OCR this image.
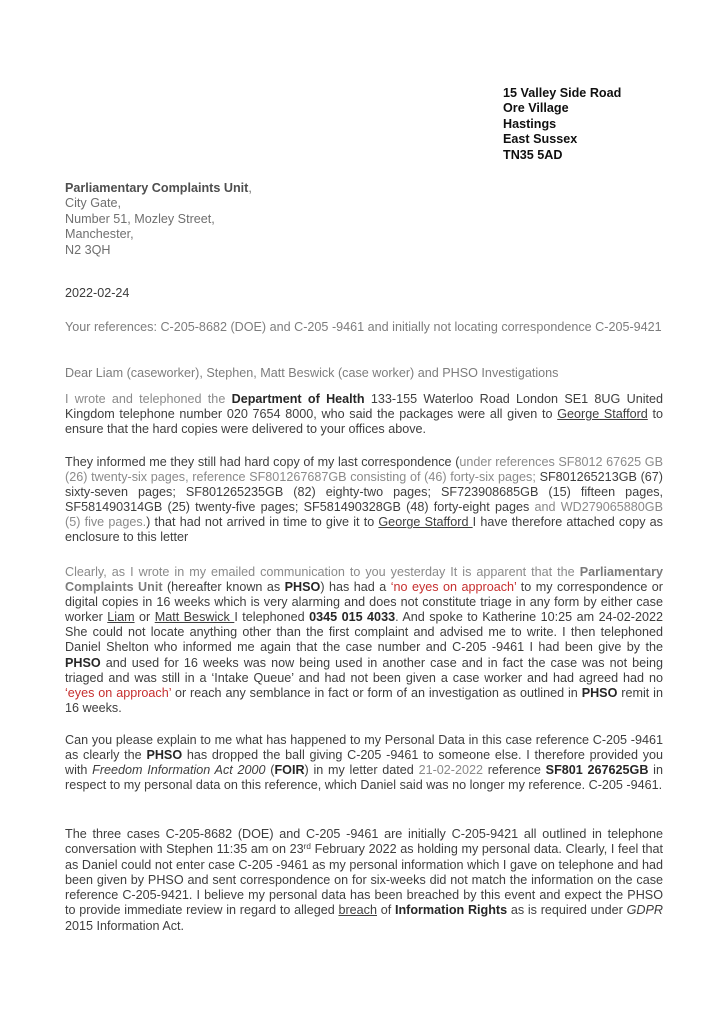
15 Valley Side Road
Ore Village
Hastings
East Sussex
TN35 5AD
Parliamentary Complaints Unit,
City Gate,
Number 51, Mozley Street,
Manchester,
N2 3QH
2022-02-24
Your references: C-205-8682 (DOE) and C-205 -9461 and initially not locating correspondence C-205-9421
Dear Liam (caseworker), Stephen, Matt Beswick (case worker) and PHSO Investigations
I wrote and telephoned the Department of Health 133-155 Waterloo Road London SE1 8UG United Kingdom telephone number 020 7654 8000, who said the packages were all given to George Stafford to ensure that the hard copies were delivered to your offices above.
They informed me they still had hard copy of my last correspondence (under references SF8012 67625 GB (26) twenty-six pages, reference SF801267687GB consisting of (46) forty-six pages; SF801265213GB (67) sixty-seven pages; SF801265235GB (82) eighty-two pages; SF723908685GB (15) fifteen pages, SF581490314GB (25) twenty-five pages; SF581490328GB (48) forty-eight pages and WD279065880GB (5) five pages.) that had not arrived in time to give it to George Stafford I have therefore attached copy as enclosure to this letter
Clearly, as I wrote in my emailed communication to you yesterday It is apparent that the Parliamentary Complaints Unit (hereafter known as PHSO) has had a ‘no eyes on approach’ to my correspondence or digital copies in 16 weeks which is very alarming and does not constitute triage in any form by either case worker Liam or Matt Beswick I telephoned 0345 015 4033. And spoke to Katherine 10:25 am 24-02-2022 She could not locate anything other than the first complaint and advised me to write. I then telephoned Daniel Shelton who informed me again that the case number and C-205 -9461 I had been give by the PHSO and used for 16 weeks was now being used in another case and in fact the case was not being triaged and was still in a ‘Intake Queue’ and had not been given a case worker and had agreed had no ‘eyes on approach’ or reach any semblance in fact or form of an investigation as outlined in PHSO remit in 16 weeks.
Can you please explain to me what has happened to my Personal Data in this case reference C-205 -9461 as clearly the PHSO has dropped the ball giving C-205 -9461 to someone else. I therefore provided you with Freedom Information Act 2000 (FOIR) in my letter dated 21-02-2022 reference SF801 267625GB in respect to my personal data on this reference, which Daniel said was no longer my reference. C-205 -9461.
The three cases C-205-8682 (DOE) and C-205 -9461 are initially C-205-9421 all outlined in telephone conversation with Stephen 11:35 am on 23rd February 2022 as holding my personal data. Clearly, I feel that as Daniel could not enter case C-205 -9461 as my personal information which I gave on telephone and had been given by PHSO and sent correspondence on for six-weeks did not match the information on the case reference C-205-9421. I believe my personal data has been breached by this event and expect the PHSO to provide immediate review in regard to alleged breach of Information Rights as is required under GDPR 2015 Information Act.
